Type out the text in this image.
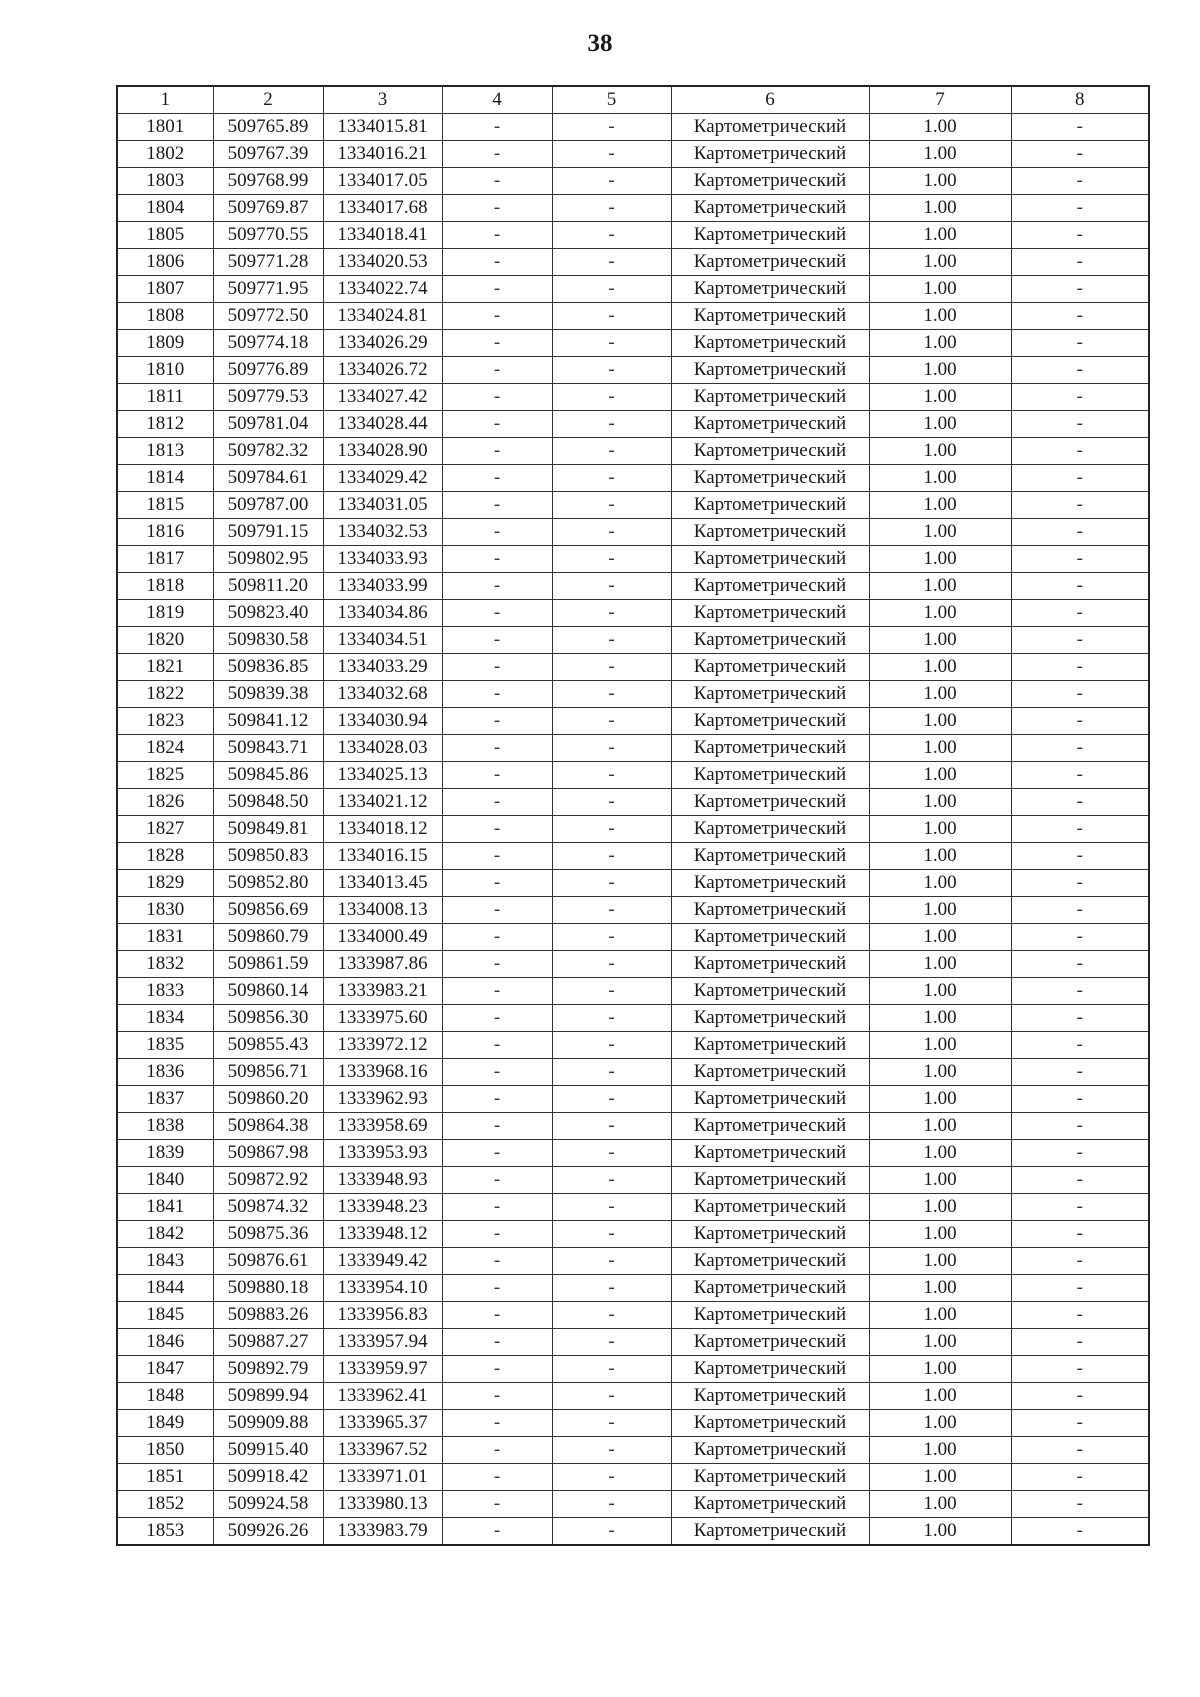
38
1	2	3	4	5	6	7	8
1801	509765.89	1334015.81	-	-	Картометрический	1.00	-
1802	509767.39	1334016.21	-	-	Картометрический	1.00	-
1803	509768.99	1334017.05	-	-	Картометрический	1.00	-
1804	509769.87	1334017.68	-	-	Картометрический	1.00	-
1805	509770.55	1334018.41	-	-	Картометрический	1.00	-
1806	509771.28	1334020.53	-	-	Картометрический	1.00	-
1807	509771.95	1334022.74	-	-	Картометрический	1.00	-
1808	509772.50	1334024.81	-	-	Картометрический	1.00	-
1809	509774.18	1334026.29	-	-	Картометрический	1.00	-
1810	509776.89	1334026.72	-	-	Картометрический	1.00	-
1811	509779.53	1334027.42	-	-	Картометрический	1.00	-
1812	509781.04	1334028.44	-	-	Картометрический	1.00	-
1813	509782.32	1334028.90	-	-	Картометрический	1.00	-
1814	509784.61	1334029.42	-	-	Картометрический	1.00	-
1815	509787.00	1334031.05	-	-	Картометрический	1.00	-
1816	509791.15	1334032.53	-	-	Картометрический	1.00	-
1817	509802.95	1334033.93	-	-	Картометрический	1.00	-
1818	509811.20	1334033.99	-	-	Картометрический	1.00	-
1819	509823.40	1334034.86	-	-	Картометрический	1.00	-
1820	509830.58	1334034.51	-	-	Картометрический	1.00	-
1821	509836.85	1334033.29	-	-	Картометрический	1.00	-
1822	509839.38	1334032.68	-	-	Картометрический	1.00	-
1823	509841.12	1334030.94	-	-	Картометрический	1.00	-
1824	509843.71	1334028.03	-	-	Картометрический	1.00	-
1825	509845.86	1334025.13	-	-	Картометрический	1.00	-
1826	509848.50	1334021.12	-	-	Картометрический	1.00	-
1827	509849.81	1334018.12	-	-	Картометрический	1.00	-
1828	509850.83	1334016.15	-	-	Картометрический	1.00	-
1829	509852.80	1334013.45	-	-	Картометрический	1.00	-
1830	509856.69	1334008.13	-	-	Картометрический	1.00	-
1831	509860.79	1334000.49	-	-	Картометрический	1.00	-
1832	509861.59	1333987.86	-	-	Картометрический	1.00	-
1833	509860.14	1333983.21	-	-	Картометрический	1.00	-
1834	509856.30	1333975.60	-	-	Картометрический	1.00	-
1835	509855.43	1333972.12	-	-	Картометрический	1.00	-
1836	509856.71	1333968.16	-	-	Картометрический	1.00	-
1837	509860.20	1333962.93	-	-	Картометрический	1.00	-
1838	509864.38	1333958.69	-	-	Картометрический	1.00	-
1839	509867.98	1333953.93	-	-	Картометрический	1.00	-
1840	509872.92	1333948.93	-	-	Картометрический	1.00	-
1841	509874.32	1333948.23	-	-	Картометрический	1.00	-
1842	509875.36	1333948.12	-	-	Картометрический	1.00	-
1843	509876.61	1333949.42	-	-	Картометрический	1.00	-
1844	509880.18	1333954.10	-	-	Картометрический	1.00	-
1845	509883.26	1333956.83	-	-	Картометрический	1.00	-
1846	509887.27	1333957.94	-	-	Картометрический	1.00	-
1847	509892.79	1333959.97	-	-	Картометрический	1.00	-
1848	509899.94	1333962.41	-	-	Картометрический	1.00	-
1849	509909.88	1333965.37	-	-	Картометрический	1.00	-
1850	509915.40	1333967.52	-	-	Картометрический	1.00	-
1851	509918.42	1333971.01	-	-	Картометрический	1.00	-
1852	509924.58	1333980.13	-	-	Картометрический	1.00	-
1853	509926.26	1333983.79	-	-	Картометрический	1.00	-
